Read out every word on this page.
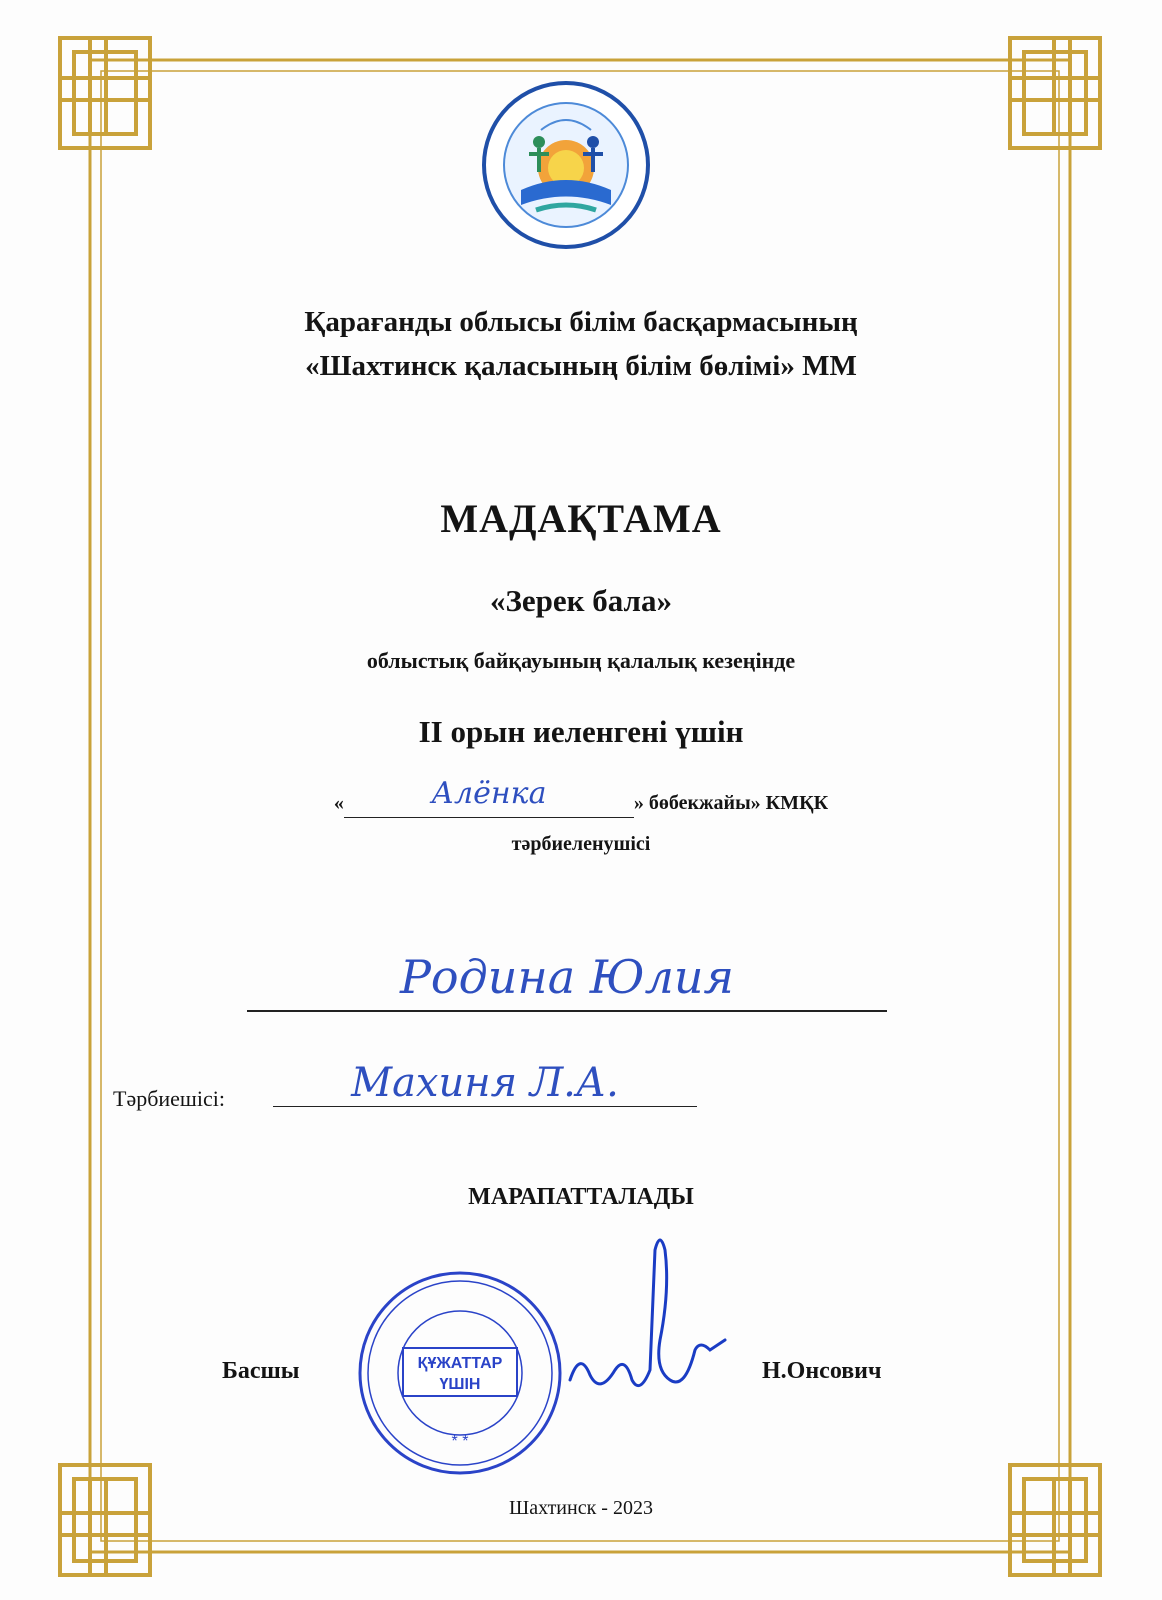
Қарағанды облысы білім басқармасының
«Шахтинск қаласының білім бөлімі» ММ
МАДАҚТАМА
«Зерек бала»
облыстық байқауының қалалық кезеңінде
ІІ орын иеленгені үшін
«	Алёнка	» бөбекжайы» КМҚК
тәрбиеленушісі
Родина Юлия
Тәрбиешісі:	Махиня Л.А.
МАРАПАТТАЛАДЫ
Басшы	Н.Онсович
ҚҰЖАТТАР
ҮШІН
* *
Шахтинск - 2023
